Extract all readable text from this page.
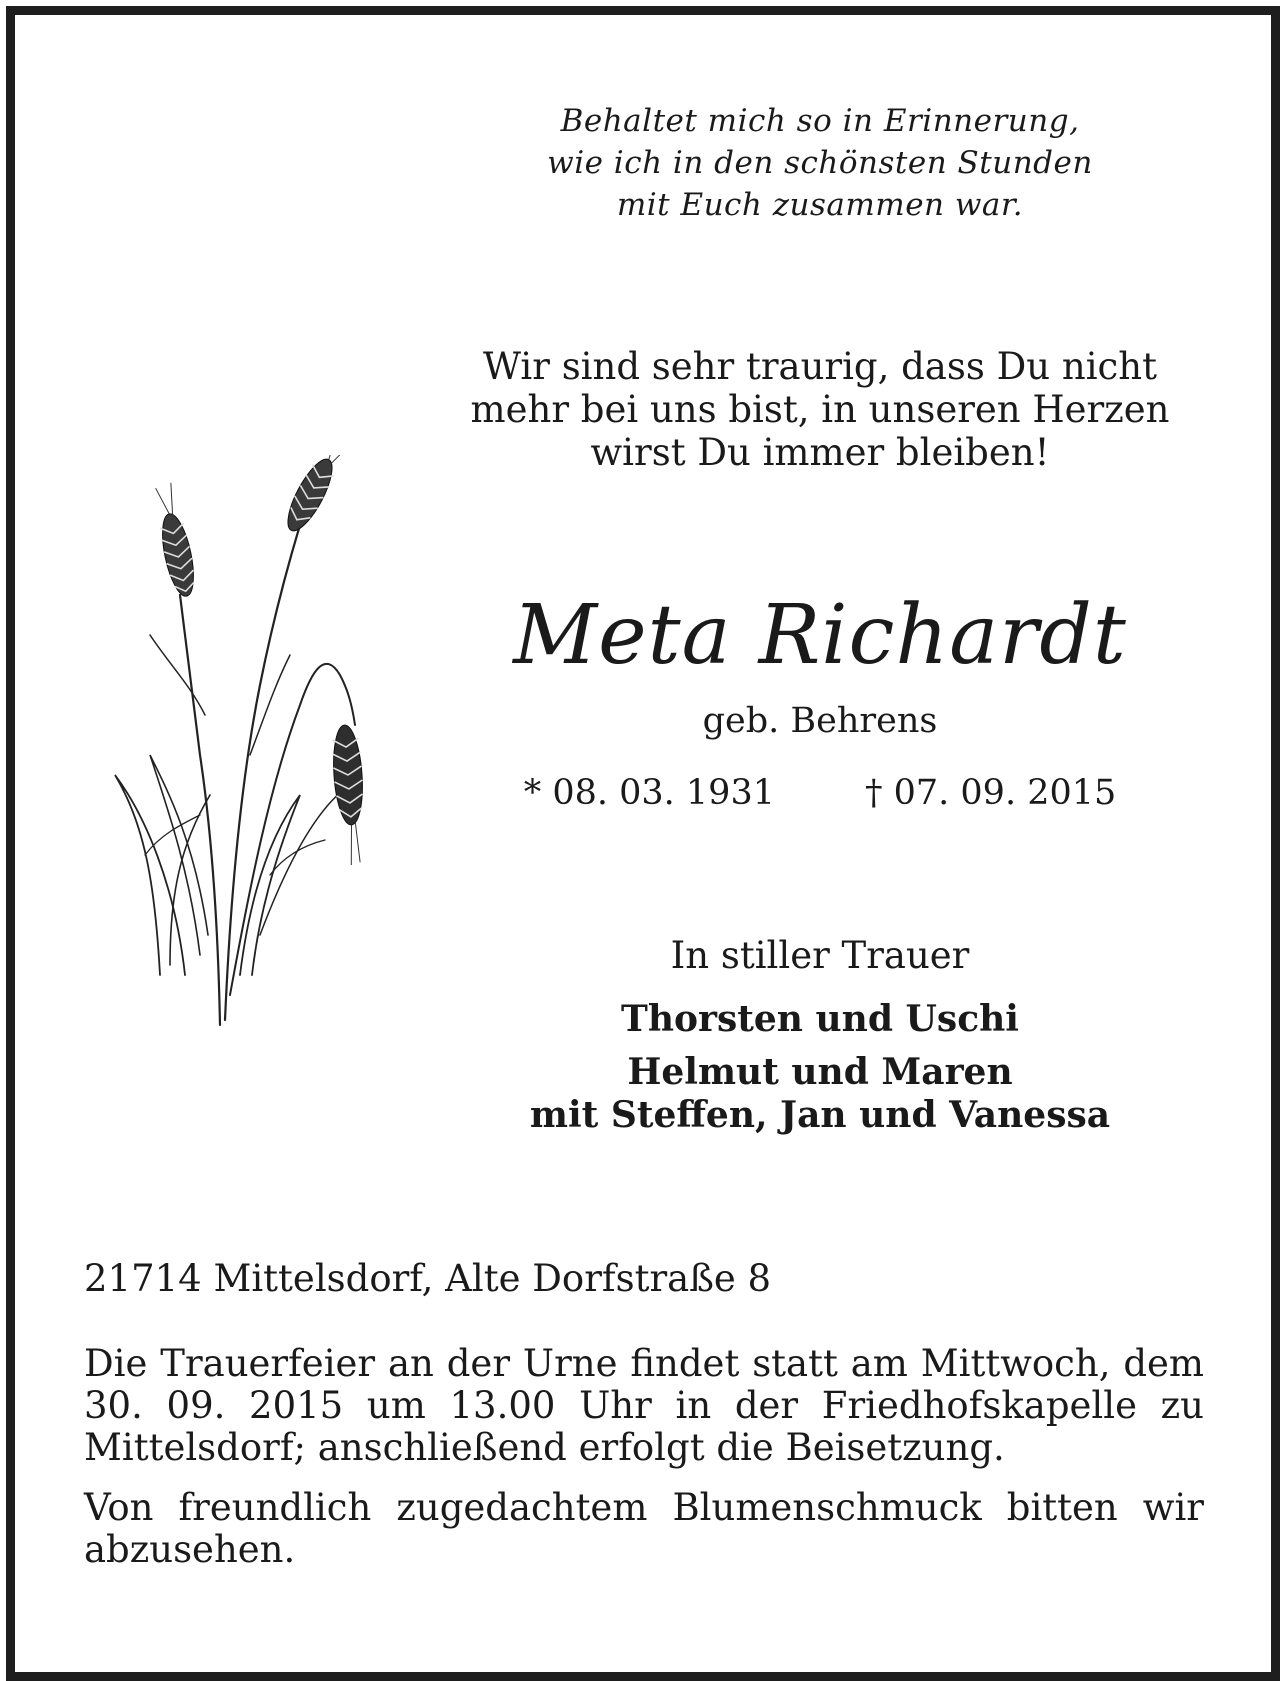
Behaltet mich so in Erinnerung,
wie ich in den schönsten Stunden
mit Euch zusammen war.
Wir sind sehr traurig, dass Du nicht
mehr bei uns bist, in unseren Herzen
wirst Du immer bleiben!
Meta Richardt
geb. Behrens
* 08. 03. 1931	† 07. 09. 2015
In stiller Trauer
Thorsten und Uschi
Helmut und Maren
mit Steffen, Jan und Vanessa
21714 Mittelsdorf, Alte Dorfstraße 8
Die Trauerfeier an der Urne findet statt am Mittwoch, dem 30. 09. 2015 um 13.00 Uhr in der Friedhofskapelle zu Mittelsdorf; anschließend erfolgt die Beisetzung.
Von freundlich zugedachtem Blumenschmuck bitten wir abzusehen.
